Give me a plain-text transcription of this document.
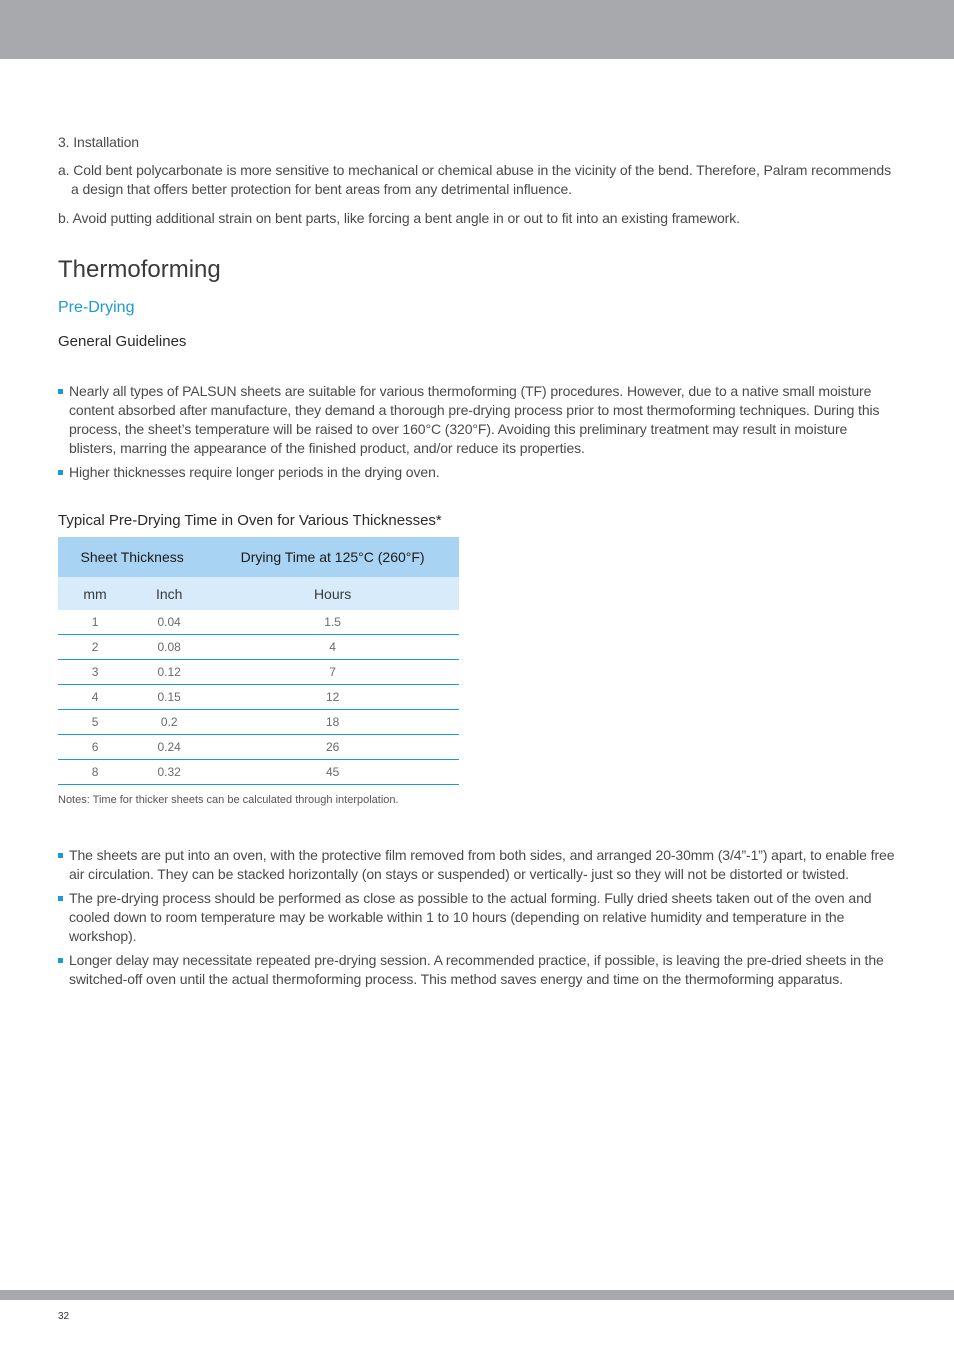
3. Installation
a. Cold bent polycarbonate is more sensitive to mechanical or chemical abuse in the vicinity of the bend. Therefore, Palram recommends a design that offers better protection for bent areas from any detrimental influence.
b. Avoid putting additional strain on bent parts, like forcing a bent angle in or out to fit into an existing framework.
Thermoforming
Pre-Drying
General Guidelines
Nearly all types of PALSUN sheets are suitable for various thermoforming (TF) procedures. However, due to a native small moisture content absorbed after manufacture, they demand a thorough pre-drying process prior to most thermoforming techniques. During this process, the sheet’s temperature will be raised to over 160°C (320°F). Avoiding this preliminary treatment may result in moisture blisters, marring the appearance of the finished product, and/or reduce its properties.
Higher thicknesses require longer periods in the drying oven.
Typical Pre-Drying Time in Oven for Various Thicknesses*
Sheet Thickness		Drying Time at 125°C (260°F)
mm	Inch	Hours
1	0.04	1.5
2	0.08	4
3	0.12	7
4	0.15	12
5	0.2	18
6	0.24	26
8	0.32	45
Notes: Time for thicker sheets can be calculated through interpolation.
The sheets are put into an oven, with the protective film removed from both sides, and arranged 20-30mm (3/4”-1”) apart, to enable free air circulation. They can be stacked horizontally (on stays or suspended) or vertically- just so they will not be distorted or twisted.
The pre-drying process should be performed as close as possible to the actual forming. Fully dried sheets taken out of the oven and cooled down to room temperature may be workable within 1 to 10 hours (depending on relative humidity and temperature in the workshop).
Longer delay may necessitate repeated pre-drying session. A recommended practice, if possible, is leaving the pre-dried sheets in the switched-off oven until the actual thermoforming process. This method saves energy and time on the thermoforming apparatus.
32
